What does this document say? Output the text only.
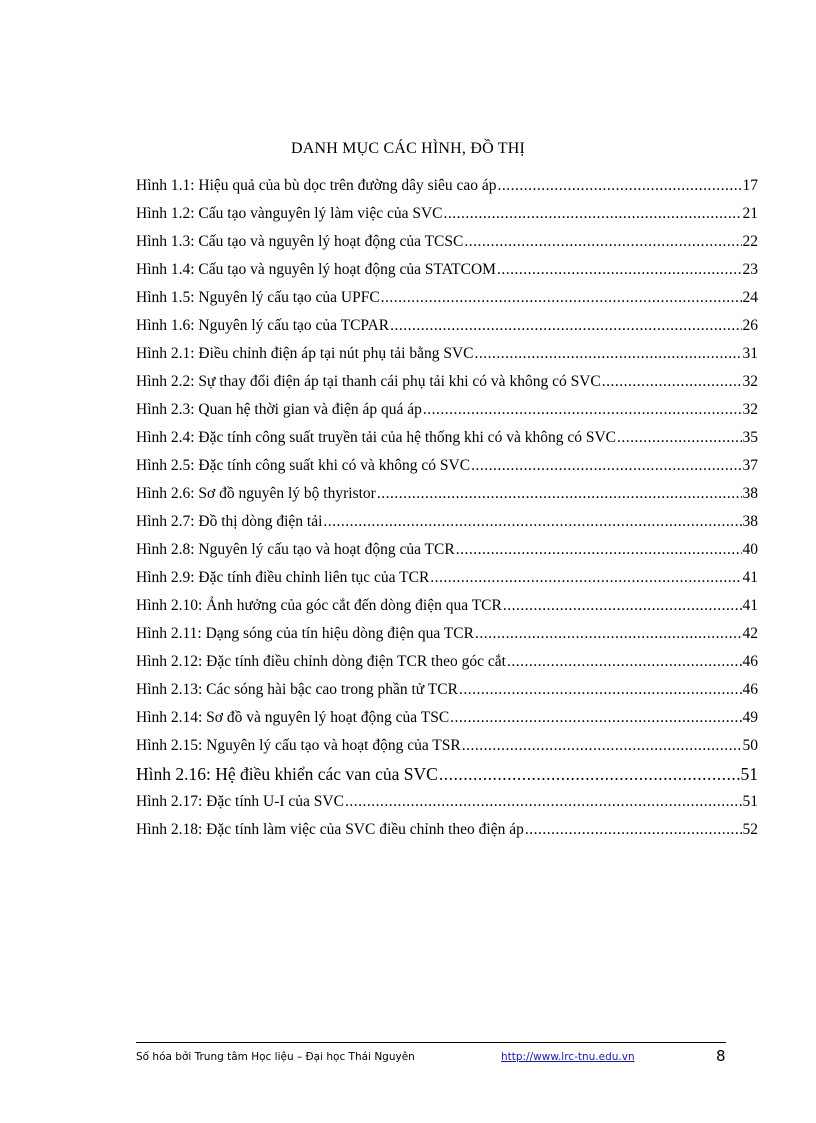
DANH MỤC CÁC HÌNH, ĐỒ THỊ
Hình 1.1: Hiệu quả của bù dọc trên đường dây siêu cao áp .....	17
Hình 1.2: Cấu tạo vànguyên lý làm việc của SVC .....	21
Hình 1.3: Cấu tạo và nguyên lý hoạt động của TCSC .....	22
Hình 1.4: Cấu tạo và nguyên lý hoạt động của STATCOM .....	23
Hình 1.5: Nguyên lý cấu tạo của UPFC .....	24
Hình 1.6: Nguyên lý cấu tạo của TCPAR .....	26
Hình 2.1: Điều chỉnh điện áp tại nút phụ tải bằng SVC .....	31
Hình 2.2: Sự thay đổi điện áp tại thanh cái phụ tải khi có và không có SVC .....	32
Hình 2.3: Quan hệ thời gian và điện áp quá áp .....	32
Hình 2.4: Đặc tính công suất truyền tải của hệ thống khi có và không có SVC .....	35
Hình 2.5: Đặc tính công suất khi có và không có SVC .....	37
Hình 2.6: Sơ đồ nguyên lý bộ thyristor .....	38
Hình 2.7: Đồ thị dòng điện tải .....	38
Hình 2.8: Nguyên lý cấu tạo và hoạt động của TCR .....	40
Hình 2.9: Đặc tính điều chỉnh liên tục của TCR .....	41
Hình 2.10: Ảnh hưởng của góc cắt đến dòng điện qua TCR .....	41
Hình 2.11: Dạng sóng của tín hiệu dòng điện qua TCR .....	42
Hình 2.12: Đặc tính điều chỉnh dòng điện TCR theo góc cắt .....	46
Hình 2.13: Các sóng hài bậc cao trong phần tử TCR .....	46
Hình 2.14: Sơ đồ và nguyên lý hoạt động của TSC .....	49
Hình 2.15: Nguyên lý cấu tạo và hoạt động của TSR .....	50
Hình 2.16: Hệ điều khiển các van của SVC .....	51
Hình 2.17: Đặc tính U-I của SVC .....	51
Hình 2.18: Đặc tính làm việc của SVC điều chỉnh theo điện áp .....	52
Số hóa bởi Trung tâm Học liệu – Đại học Thái Nguyên	http://www.lrc-tnu.edu.vn	8
